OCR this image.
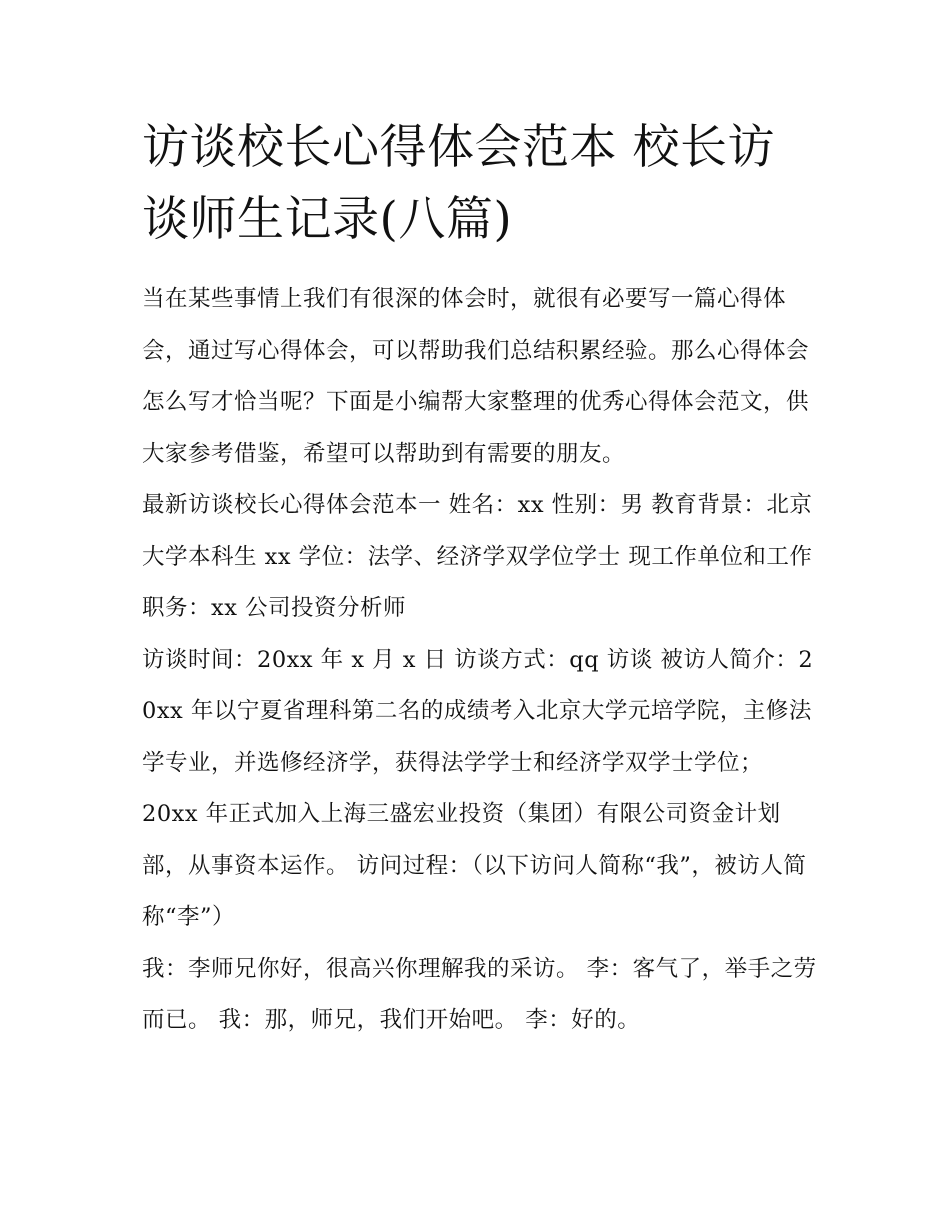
访谈校长心得体会范本 校长访谈师生记录(八篇)

当在某些事情上我们有很深的体会时，就很有必要写一篇心得体会，通过写心得体会，可以帮助我们总结积累经验。那么心得体会怎么写才恰当呢？下面是小编帮大家整理的优秀心得体会范文，供大家参考借鉴，希望可以帮助到有需要的朋友。

最新访谈校长心得体会范本一 姓名：xx 性别：男 教育背景：北京大学本科生 xx 学位：法学、经济学双学位学士 现工作单位和工作职务：xx 公司投资分析师

访谈时间：20xx 年 x 月 x 日 访谈方式：qq 访谈 被访人简介：20xx 年以宁夏省理科第二名的成绩考入北京大学元培学院，主修法学专业，并选修经济学，获得法学学士和经济学双学士学位；

20xx 年正式加入上海三盛宏业投资（集团）有限公司资金计划部，从事资本运作。 访问过程：（以下访问人简称“我”，被访人简称“李”）

我：李师兄你好，很高兴你理解我的采访。 李：客气了，举手之劳而已。 我：那，师兄，我们开始吧。 李：好的。
